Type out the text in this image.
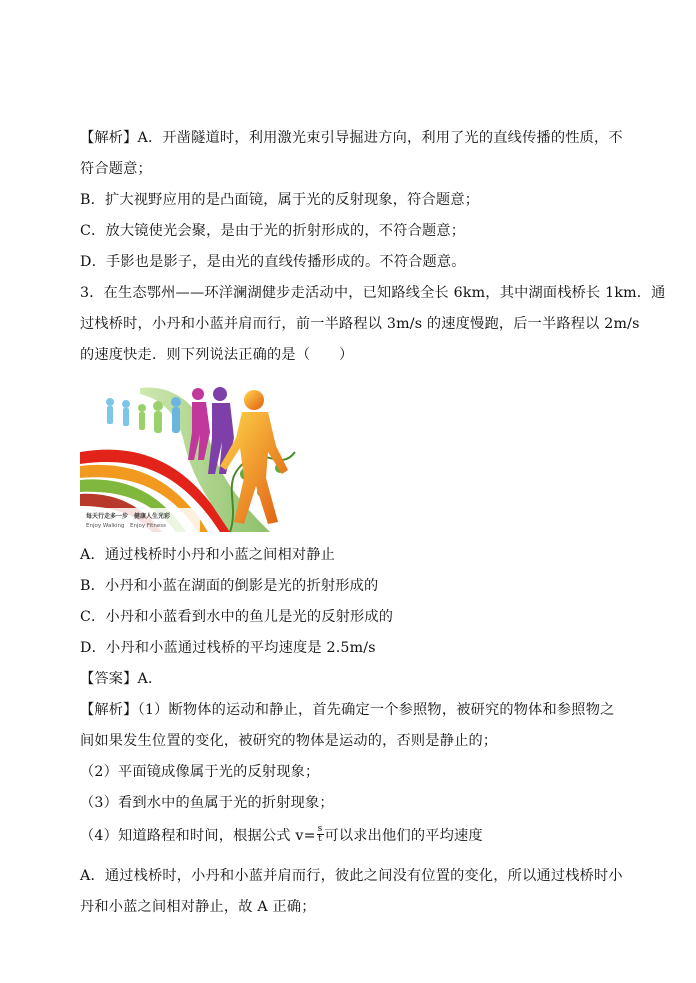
【解析】A．开凿隧道时，利用激光束引导掘进方向，利用了光的直线传播的性质，不
符合题意；
B．扩大视野应用的是凸面镜，属于光的反射现象，符合题意；
C．放大镜使光会聚，是由于光的折射形成的，不符合题意；
D．手影也是影子，是由光的直线传播形成的。不符合题意。
3．在生态鄂州——环洋澜湖健步走活动中，已知路线全长 6km，其中湖面栈桥长 1km．通
过栈桥时，小丹和小蓝并肩而行，前一半路程以 3m/s 的速度慢跑，后一半路程以 2m/s
的速度快走．则下列说法正确的是（　　）
每天行走多一步　健康人生光彩
Enjoy Walking　Enjoy Fitness
A．通过栈桥时小丹和小蓝之间相对静止
B．小丹和小蓝在湖面的倒影是光的折射形成的
C．小丹和小蓝看到水中的鱼儿是光的反射形成的
D．小丹和小蓝通过栈桥的平均速度是 2.5m/s
【答案】A．
【解析】（1）断物体的运动和静止，首先确定一个参照物，被研究的物体和参照物之
间如果发生位置的变化，被研究的物体是运动的，否则是静止的；
（2）平面镜成像属于光的反射现象；
（3）看到水中的鱼属于光的折射现象；
（4）知道路程和时间，根据公式 $v= \frac{s}{t}$ 可以求出他们的平均速度
A．通过栈桥时，小丹和小蓝并肩而行，彼此之间没有位置的变化，所以通过栈桥时小
丹和小蓝之间相对静止，故 A 正确；
